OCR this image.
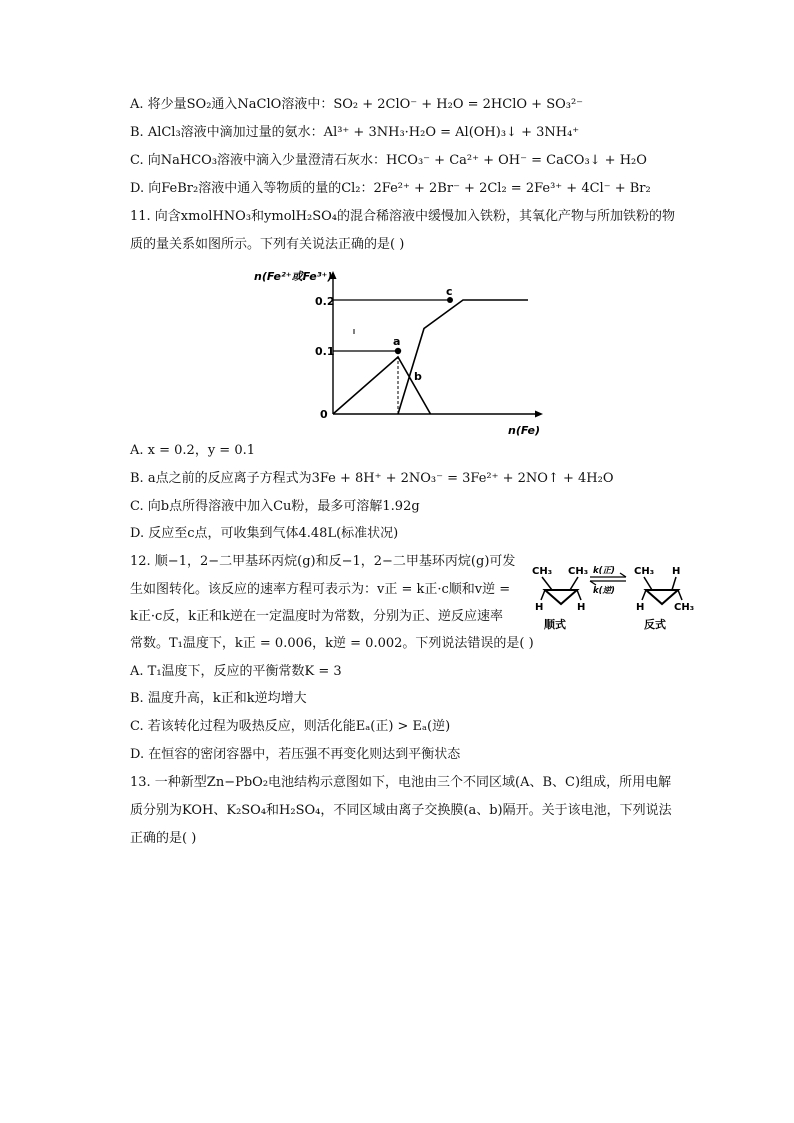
A. 将少量SO₂通入NaClO溶液中：SO₂ + 2ClO⁻ + H₂O = 2HClO + SO₃²⁻
B. AlCl₃溶液中滴加过量的氨水：Al³⁺ + 3NH₃·H₂O = Al(OH)₃↓ + 3NH₄⁺
C. 向NaHCO₃溶液中滴入少量澄清石灰水：HCO₃⁻ + Ca²⁺ + OH⁻ = CaCO₃↓ + H₂O
D. 向FeBr₂溶液中通入等物质的量的Cl₂：2Fe²⁺ + 2Br⁻ + 2Cl₂ = 2Fe³⁺ + 4Cl⁻ + Br₂
11. 向含xmolHNO₃和ymolH₂SO₄的混合稀溶液中缓慢加入铁粉，其氧化产物与所加铁粉的物
质的量关系如图所示。下列有关说法正确的是( )
n(Fe²⁺或Fe³⁺)
n(Fe)
0.2
0.1
0
a
b
c
A. x = 0.2，y = 0.1
B. a点之前的反应离子方程式为3Fe + 8H⁺ + 2NO₃⁻ = 3Fe²⁺ + 2NO↑ + 4H₂O
C. 向b点所得溶液中加入Cu粉，最多可溶解1.92g
D. 反应至c点，可收集到气体4.48L(标准状况)
12. 顺−1，2−二甲基环丙烷(g)和反−1，2−二甲基环丙烷(g)可发
生如图转化。该反应的速率方程可表示为：v正 = k正·c顺和v逆 =
k正·c反，k正和k逆在一定温度时为常数，分别为正、逆反应速率
常数。T₁温度下，k正 = 0.006，k逆 = 0.002。下列说法错误的是( )
CH₃ CH₃
H	H
顺式
k(正)
k(逆)
CH₃ H
H	CH₃
反式
A. T₁温度下，反应的平衡常数K = 3
B. 温度升高，k正和k逆均增大
C. 若该转化过程为吸热反应，则活化能Eₐ(正) > Eₐ(逆)
D. 在恒容的密闭容器中，若压强不再变化则达到平衡状态
13. 一种新型Zn−PbO₂电池结构示意图如下，电池由三个不同区域(A、B、C)组成，所用电解
质分别为KOH、K₂SO₄和H₂SO₄，不同区域由离子交换膜(a、b)隔开。关于该电池，下列说法
正确的是( )
